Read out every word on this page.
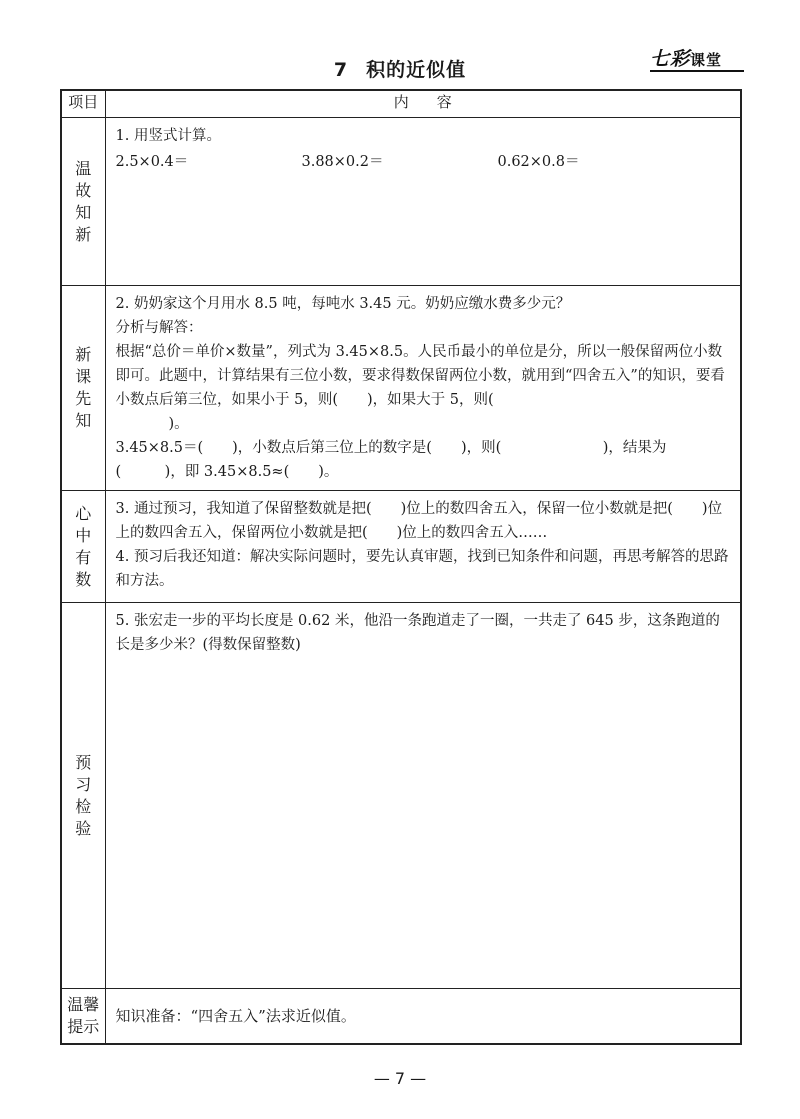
7 积的近似值	七彩课堂
项目	内容

温故知新	1. 用竖式计算。

2.5×0.4＝ 3.88×0.2＝ 0.62×0.8＝

新课先知	2. 奶奶家这个月用水 8.5 吨，每吨水 3.45 元。奶奶应缴水费多少元？

分析与解答：

根据“总价＝单价×数量”，列式为 3.45×8.5。人民币最小的单位是分，所以一般保留两位小数即可。此题中，计算结果有三位小数，要求得数保留两位小数，就用到“四舍五入”的知识，要看小数点后第三位，如果小于 5，则(　　)，如果大于 5，则(

　　)。

3.45×8.5＝(　　)，小数点后第三位上的数字是(　　)，则(　　　　　　　)，结果为(　　　)，即 3.45×8.5≈(　　)。

心中有数	3. 通过预习，我知道了保留整数就是把(　　)位上的数四舍五入，保留一位小数就是把(　　)位上的数四舍五入，保留两位小数就是把(　　)位上的数四舍五入……

4. 预习后我还知道：解决实际问题时，要先认真审题，找到已知条件和问题，再思考解答的思路和方法。

预习检验	5. 张宏走一步的平均长度是 0.62 米，他沿一条跑道走了一圈，一共走了 645 步，这条跑道的长是多少米？(得数保留整数)

温馨提示	知识准备：“四舍五入”法求近似值。
— 7 —
